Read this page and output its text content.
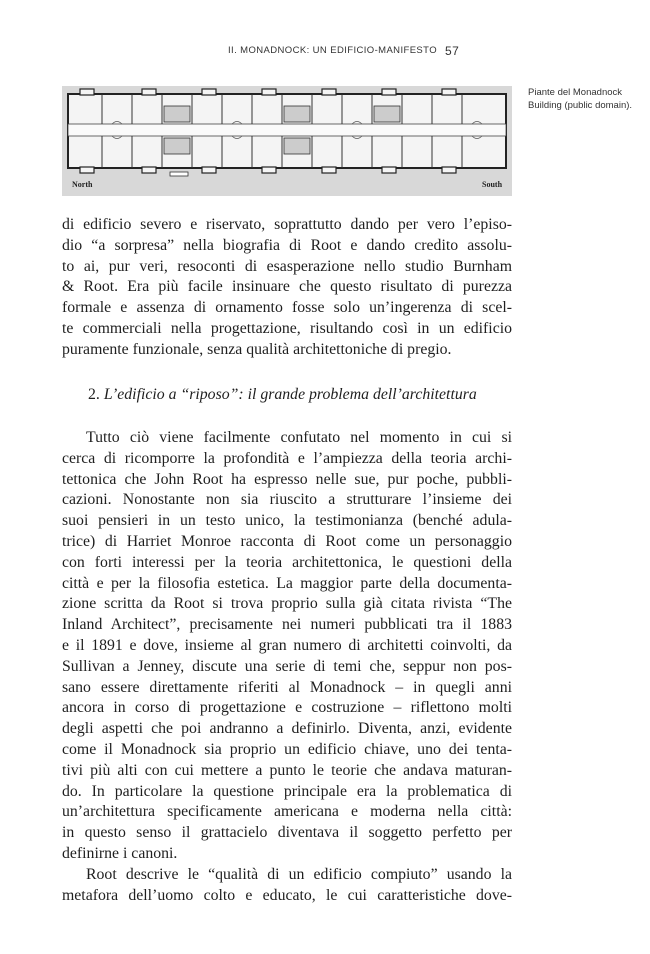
II. MONADNOCK: UN EDIFICIO-MANIFESTO 57
North	South
Piante del Monadnock Building (public domain).
di edificio severo e riservato, soprattutto dando per vero l’episo-
dio “a sorpresa” nella biografia di Root e dando credito assolu-
to ai, pur veri, resoconti di esasperazione nello studio Burnham
& Root. Era più facile insinuare che questo risultato di purezza
formale e assenza di ornamento fosse solo un’ingerenza di scel-
te commerciali nella progettazione, risultando così in un edificio
puramente funzionale, senza qualità architettoniche di pregio.
2. L’edificio a “riposo”: il grande problema dell’architettura
Tutto ciò viene facilmente confutato nel momento in cui si
cerca di ricomporre la profondità e l’ampiezza della teoria archi-
tettonica che John Root ha espresso nelle sue, pur poche, pubbli-
cazioni. Nonostante non sia riuscito a strutturare l’insieme dei
suoi pensieri in un testo unico, la testimonianza (benché adula-
trice) di Harriet Monroe racconta di Root come un personaggio
con forti interessi per la teoria architettonica, le questioni della
città e per la filosofia estetica. La maggior parte della documenta-
zione scritta da Root si trova proprio sulla già citata rivista “The
Inland Architect”, precisamente nei numeri pubblicati tra il 1883
e il 1891 e dove, insieme al gran numero di architetti coinvolti, da
Sullivan a Jenney, discute una serie di temi che, seppur non pos-
sano essere direttamente riferiti al Monadnock – in quegli anni
ancora in corso di progettazione e costruzione – riflettono molti
degli aspetti che poi andranno a definirlo. Diventa, anzi, evidente
come il Monadnock sia proprio un edificio chiave, uno dei tenta-
tivi più alti con cui mettere a punto le teorie che andava maturan-
do. In particolare la questione principale era la problematica di
un’architettura specificamente americana e moderna nella città:
in questo senso il grattacielo diventava il soggetto perfetto per
definirne i canoni.
Root descrive le “qualità di un edificio compiuto” usando la
metafora dell’uomo colto e educato, le cui caratteristiche dove-
